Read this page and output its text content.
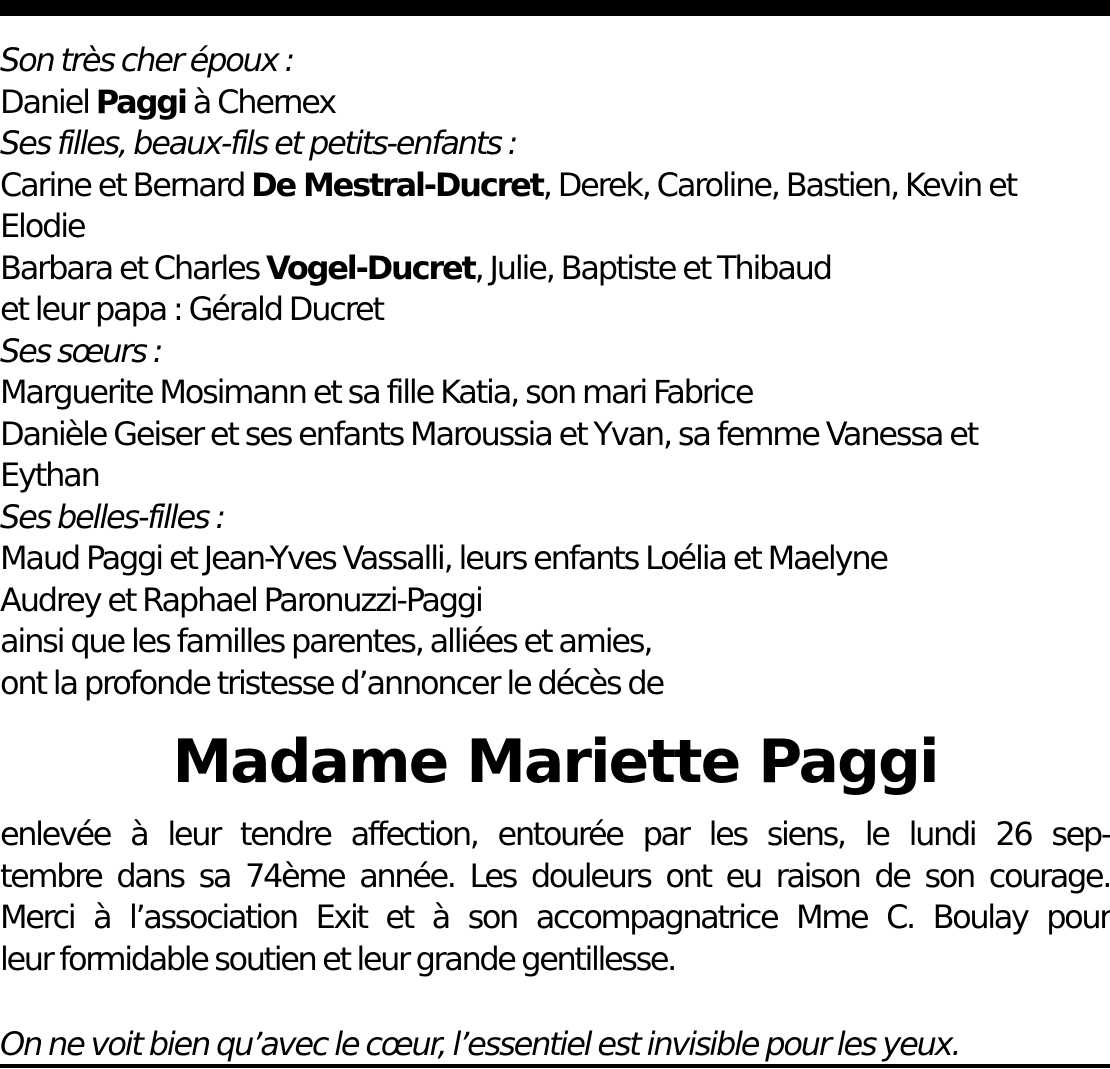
Son très cher époux :
Daniel Paggi à Chernex
Ses filles, beaux-fils et petits-enfants :
Carine et Bernard De Mestral-Ducret, Derek, Caroline, Bastien, Kevin et
Elodie
Barbara et Charles Vogel-Ducret, Julie, Baptiste et Thibaud
et leur papa : Gérald Ducret
Ses sœurs :
Marguerite Mosimann et sa fille Katia, son mari Fabrice
Danièle Geiser et ses enfants Maroussia et Yvan, sa femme Vanessa et
Eythan
Ses belles-filles :
Maud Paggi et Jean-Yves Vassalli, leurs enfants Loélia et Maelyne
Audrey et Raphael Paronuzzi-Paggi
ainsi que les familles parentes, alliées et amies,
ont la profonde tristesse d’annoncer le décès de
Madame Mariette Paggi
enlevée à leur tendre affection, entourée par les siens, le lundi 26 sep-
tembre dans sa 74ème année. Les douleurs ont eu raison de son courage.
Merci à l’association Exit et à son accompagnatrice Mme C. Boulay pour
leur formidable soutien et leur grande gentillesse.
On ne voit bien qu’avec le cœur, l’essentiel est invisible pour les yeux.
